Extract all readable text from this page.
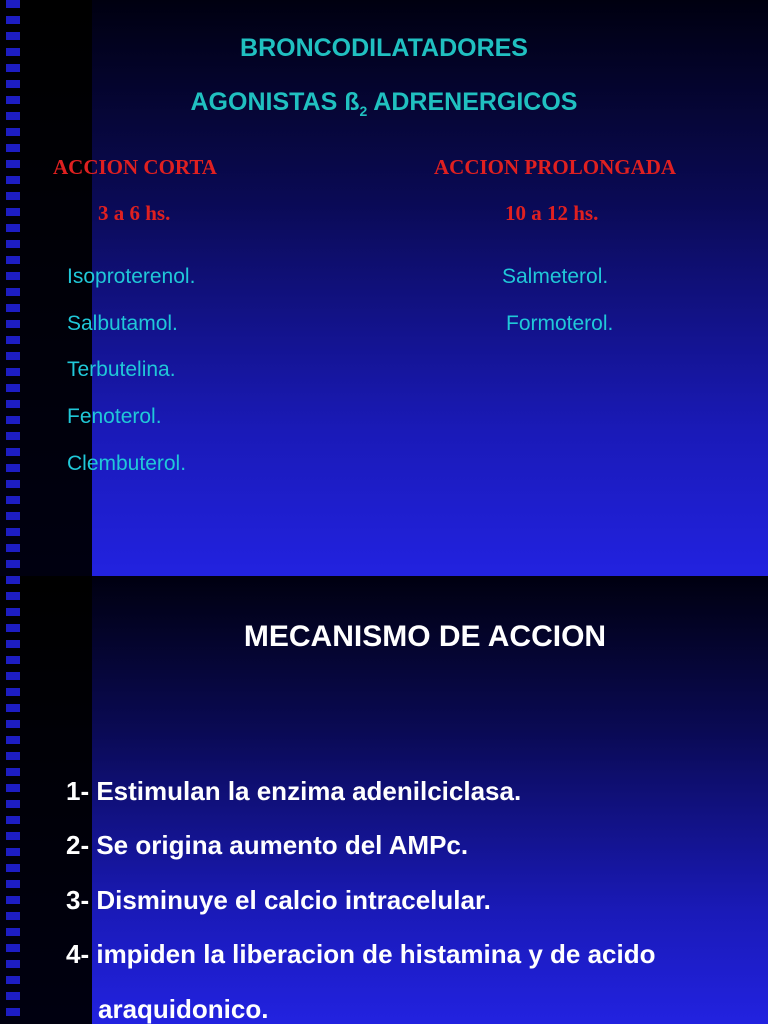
BRONCODILATADORES
AGONISTAS $ß_2$ ADRENERGICOS
ACCION CORTA
3 a 6 hs.
ACCION PROLONGADA
10 a 12 hs.
Isoproterenol.
Salbutamol.
Terbutelina.
Fenoterol.
Clembuterol.
Salmeterol.
Formoterol.
MECANISMO DE ACCION
1- Estimulan la enzima adenilciclasa.
2- Se origina aumento del AMPc.
3- Disminuye el calcio intracelular.
4- impiden la liberacion de histamina y de acido
araquidonico.
